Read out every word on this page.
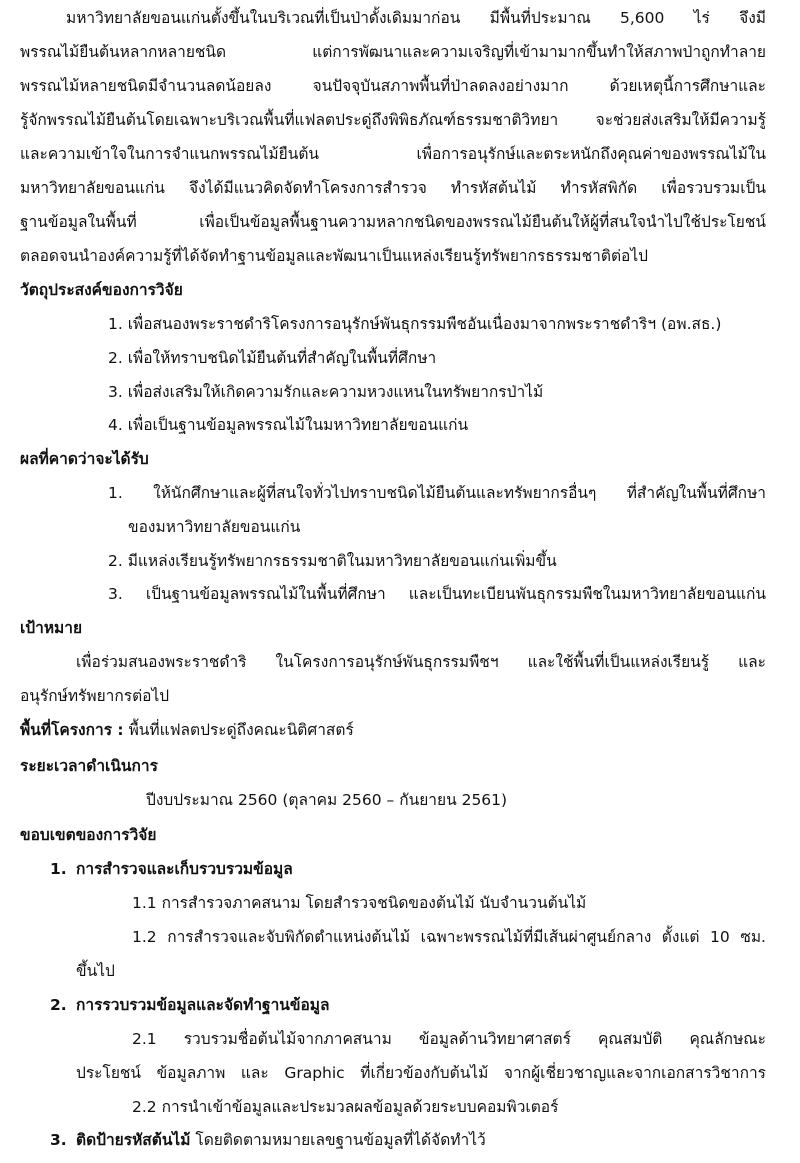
มหาวิทยาลัยขอนแก่นตั้งขึ้นในบริเวณที่เป็นป่าดั้งเดิมมาก่อน มีพื้นที่ประมาณ 5,600 ไร่ จึงมี
พรรณไม้ยืนต้นหลากหลายชนิด แต่การพัฒนาและความเจริญที่เข้ามามากขึ้นทำให้สภาพป่าถูกทำลาย
พรรณไม้หลายชนิดมีจำนวนลดน้อยลง จนปัจจุบันสภาพพื้นที่ป่าลดลงอย่างมาก ด้วยเหตุนี้การศึกษาและ
รู้จักพรรณไม้ยืนต้นโดยเฉพาะบริเวณพื้นที่แฟลตประดู่ถึงพิพิธภัณฑ์ธรรมชาติวิทยา จะช่วยส่งเสริมให้มีความรู้
และความเข้าใจในการจำแนกพรรณไม้ยืนต้น เพื่อการอนุรักษ์และตระหนักถึงคุณค่าของพรรณไม้ใน
มหาวิทยาลัยขอนแก่น จึงได้มีแนวคิดจัดทำโครงการสำรวจ ทำรหัสต้นไม้ ทำรหัสพิกัด เพื่อรวบรวมเป็น
ฐานข้อมูลในพื้นที่ เพื่อเป็นข้อมูลพื้นฐานความหลากชนิดของพรรณไม้ยืนต้นให้ผู้ที่สนใจนำไปใช้ประโยชน์
ตลอดจนนำองค์ความรู้ที่ได้จัดทำฐานข้อมูลและพัฒนาเป็นแหล่งเรียนรู้ทรัพยากรธรรมชาติต่อไป
วัตถุประสงค์ของการวิจัย
1. เพื่อสนองพระราชดำริโครงการอนุรักษ์พันธุกรรมพืชอันเนื่องมาจากพระราชดำริฯ (อพ.สธ.)
2. เพื่อให้ทราบชนิดไม้ยืนต้นที่สำคัญในพื้นที่ศึกษา
3. เพื่อส่งเสริมให้เกิดความรักและความหวงแหนในทรัพยากรป่าไม้
4. เพื่อเป็นฐานข้อมูลพรรณไม้ในมหาวิทยาลัยขอนแก่น
ผลที่คาดว่าจะได้รับ
1. ให้นักศึกษาและผู้ที่สนใจทั่วไปทราบชนิดไม้ยืนต้นและทรัพยากรอื่นๆ ที่สำคัญในพื้นที่ศึกษา
ของมหาวิทยาลัยขอนแก่น
2. มีแหล่งเรียนรู้ทรัพยากรธรรมชาติในมหาวิทยาลัยขอนแก่นเพิ่มขึ้น
3. เป็นฐานข้อมูลพรรณไม้ในพื้นที่ศึกษา และเป็นทะเบียนพันธุกรรมพืชในมหาวิทยาลัยขอนแก่น
เป้าหมาย
เพื่อร่วมสนองพระราชดำริ ในโครงการอนุรักษ์พันธุกรรมพืชฯ และใช้พื้นที่เป็นแหล่งเรียนรู้ และ
อนุรักษ์ทรัพยากรต่อไป
พื้นที่โครงการ : พื้นที่แฟลตประดู่ถึงคณะนิติศาสตร์
ระยะเวลาดำเนินการ
ปีงบประมาณ 2560 (ตุลาคม 2560 – กันยายน 2561)
ขอบเขตของการวิจัย
1. การสำรวจและเก็บรวบรวมข้อมูล
1.1 การสำรวจภาคสนาม โดยสำรวจชนิดของต้นไม้ นับจำนวนต้นไม้
1.2 การสำรวจและจับพิกัดตำแหน่งต้นไม้ เฉพาะพรรณไม้ที่มีเส้นผ่าศูนย์กลาง ตั้งแต่ 10 ซม.
ขึ้นไป
2. การรวบรวมข้อมูลและจัดทำฐานข้อมูล
2.1 รวบรวมชื่อต้นไม้จากภาคสนาม ข้อมูลด้านวิทยาศาสตร์ คุณสมบัติ คุณลักษณะ
ประโยชน์ ข้อมูลภาพ และ Graphic ที่เกี่ยวข้องกับต้นไม้ จากผู้เชี่ยวชาญและจากเอกสารวิชาการ
2.2 การนำเข้าข้อมูลและประมวลผลข้อมูลด้วยระบบคอมพิวเตอร์
3. ติดป้ายรหัสต้นไม้ โดยติดตามหมายเลขฐานข้อมูลที่ได้จัดทำไว้
